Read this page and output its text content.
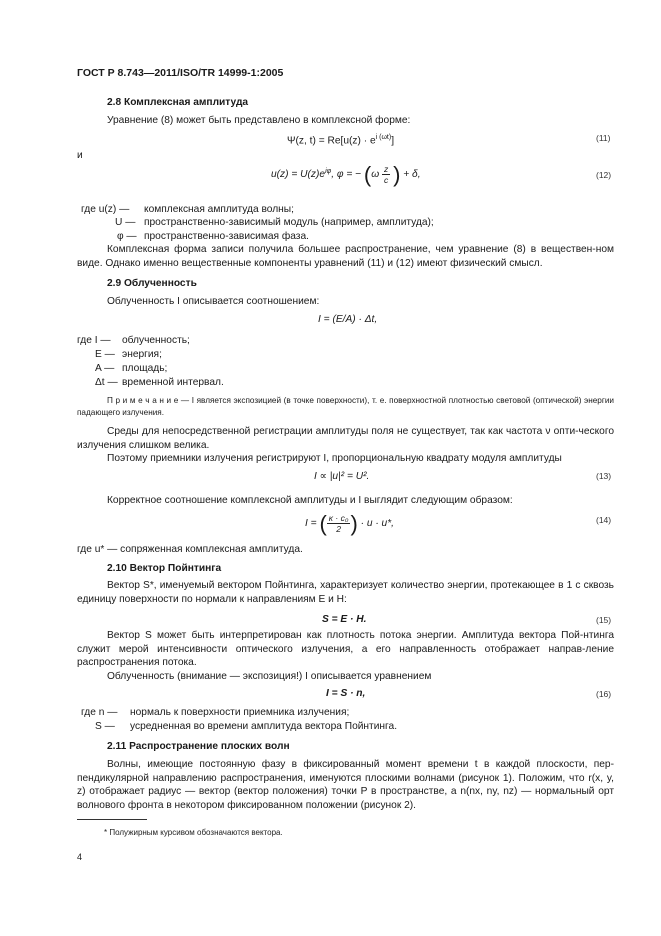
ГОСТ Р 8.743—2011/ISO/TR 14999-1:2005
2.8 Комплексная амплитуда
Уравнение (8) может быть представлено в комплексной форме:
Ψ(z, $t) = Re[u(z) \cdot e^{i (\omega t)}]$	(11)
и
$u(z) = U(z)e^{i\varphi}$, φ = − ($\omega \frac{z}{c}$ ) + δ,	(12)
где u(z) — комплексная амплитуда волны;
U — пространственно-зависимый модуль (например, амплитуда);
φ — пространственно-зависимая фаза.
Комплексная форма записи получила большее распространение, чем уравнение (8) в веществен-ном виде. Однако именно вещественные компоненты уравнений (11) и (12) имеют физический смысл.
2.9 Облученность
Облученность I описывается соотношением:
I = (E/A) · Δt,
где I — облученность;
E — энергия;
A — площадь;
Δt — временной интервал.
П р и м е ч а н и е — I является экспозицией (в точке поверхности), т. е. поверхностной плотностью световой (оптической) энергии падающего излучения.
Среды для непосредственной регистрации амплитуды поля не существует, так как частота ν опти-ческого излучения слишком велика.
Поэтому приемники излучения регистрируют I, пропорциональную квадрату модуля амплитуды
I ∝ |u|² = U².	(13)
Корректное соотношение комплексной амплитуды и I выглядит следующим образом:
I = ( $\frac{\text{κ · c₀}}{2}$ ) · u · u*,	(14)
где u* — сопряженная комплексная амплитуда.
2.10 Вектор Пойнтинга
Вектор S*, именуемый вектором Пойнтинга, характеризует количество энергии, протекающее в 1 с сквозь единицу поверхности по нормали к направлениям E и H:
S = E · H.	(15)
Вектор S может быть интерпретирован как плотность потока энергии. Амплитуда вектора Пой-нтинга служит мерой интенсивности оптического излучения, а его направленность отображает направ-ление распространения потока.
Облученность (внимание — экспозиция!) I описывается уравнением
I = S · n,	(16)
где n — нормаль к поверхности приемника излучения;
S — усредненная во времени амплитуда вектора Пойнтинга.
2.11 Распространение плоских волн
Волны, имеющие постоянную фазу в фиксированный момент времени t в каждой плоскости, пер-пендикулярной направлению распространения, именуются плоскими волнами (рисунок 1). Положим, что r(x, y, z) отображает радиус — вектор (вектор положения) точки P в пространстве, а n(nx, ny, nz) — нормальный орт волнового фронта в некотором фиксированном положении (рисунок 2).
* Полужирным курсивом обозначаются вектора.
4
